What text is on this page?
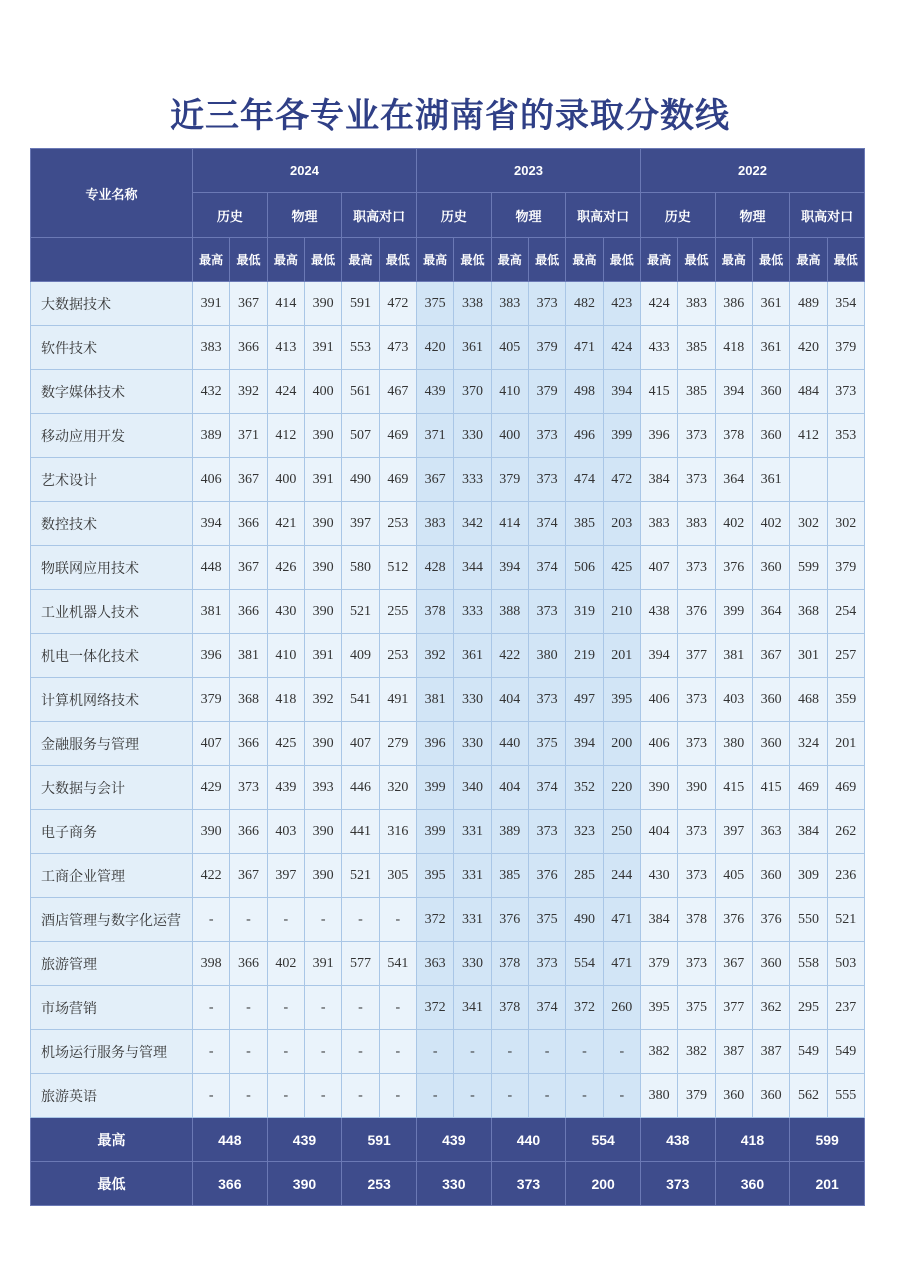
近三年各专业在湖南省的录取分数线
专业名称	2024						2023						2022					
	历史		物理		职高对口		历史		物理		职高对口		历史		物理		职高对口	
	最高	最低	最高	最低	最高	最低	最高	最低	最高	最低	最高	最低	最高	最低	最高	最低	最高	最低
大数据技术	391	367	414	390	591	472	375	338	383	373	482	423	424	383	386	361	489	354
软件技术	383	366	413	391	553	473	420	361	405	379	471	424	433	385	418	361	420	379
数字媒体技术	432	392	424	400	561	467	439	370	410	379	498	394	415	385	394	360	484	373
移动应用开发	389	371	412	390	507	469	371	330	400	373	496	399	396	373	378	360	412	353
艺术设计	406	367	400	391	490	469	367	333	379	373	474	472	384	373	364	361		
数控技术	394	366	421	390	397	253	383	342	414	374	385	203	383	383	402	402	302	302
物联网应用技术	448	367	426	390	580	512	428	344	394	374	506	425	407	373	376	360	599	379
工业机器人技术	381	366	430	390	521	255	378	333	388	373	319	210	438	376	399	364	368	254
机电一体化技术	396	381	410	391	409	253	392	361	422	380	219	201	394	377	381	367	301	257
计算机网络技术	379	368	418	392	541	491	381	330	404	373	497	395	406	373	403	360	468	359
金融服务与管理	407	366	425	390	407	279	396	330	440	375	394	200	406	373	380	360	324	201
大数据与会计	429	373	439	393	446	320	399	340	404	374	352	220	390	390	415	415	469	469
电子商务	390	366	403	390	441	316	399	331	389	373	323	250	404	373	397	363	384	262
工商企业管理	422	367	397	390	521	305	395	331	385	376	285	244	430	373	405	360	309	236
酒店管理与数字化运营	-	-	-	-	-	-	372	331	376	375	490	471	384	378	376	376	550	521
旅游管理	398	366	402	391	577	541	363	330	378	373	554	471	379	373	367	360	558	503
市场营销	-	-	-	-	-	-	372	341	378	374	372	260	395	375	377	362	295	237
机场运行服务与管理	-	-	-	-	-	-	-	-	-	-	-	-	382	382	387	387	549	549
旅游英语	-	-	-	-	-	-	-	-	-	-	-	-	380	379	360	360	562	555
最高	448		439		591		439		440		554		438		418		599	
最低	366		390		253		330		373		200		373		360		201	
